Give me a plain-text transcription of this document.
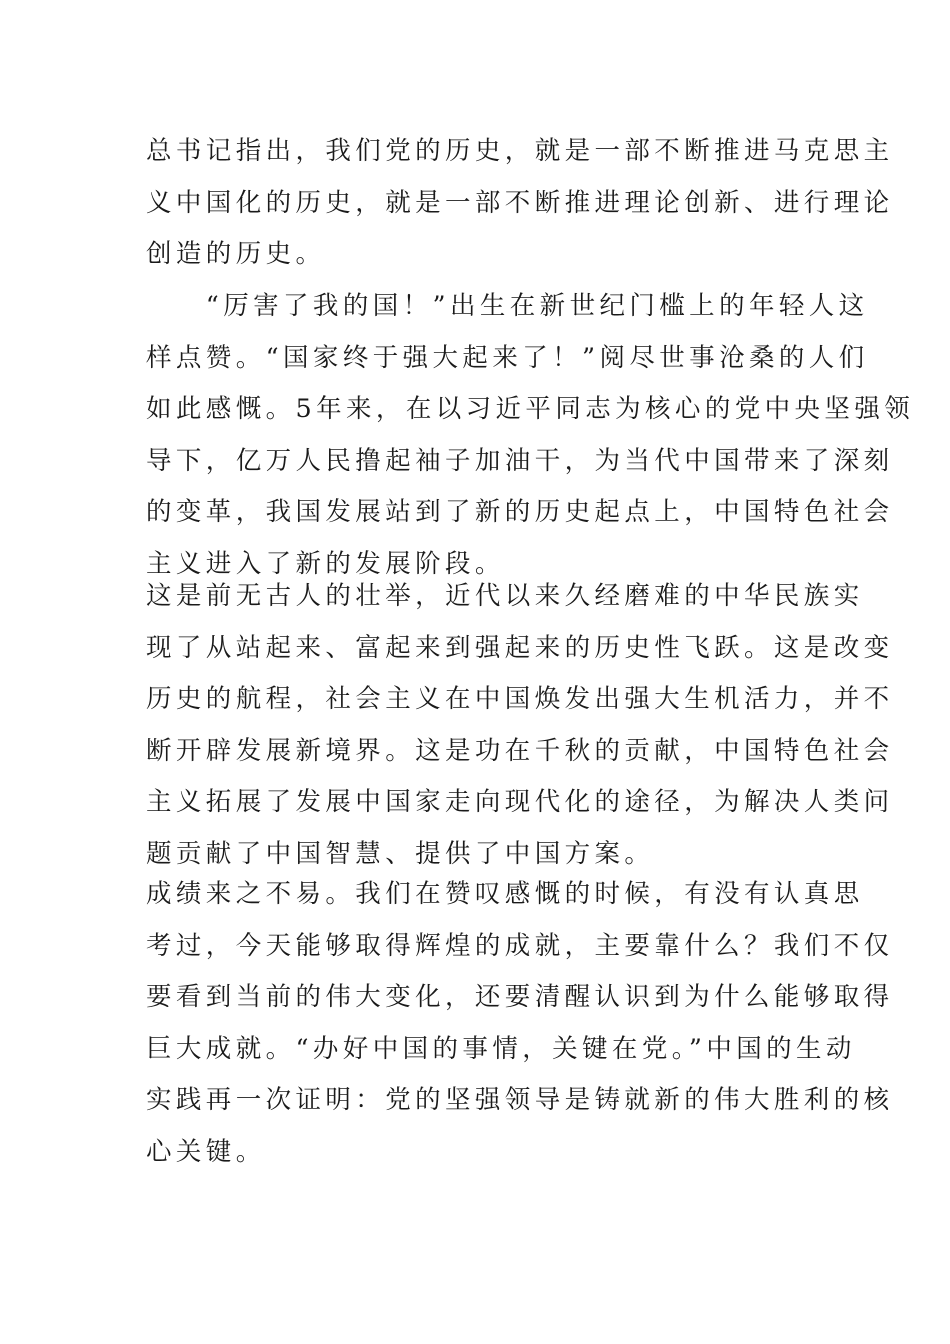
总书记指出，我们党的历史，就是一部不断推进马克思主
义中国化的历史，就是一部不断推进理论创新、进行理论
创造的历史。
　　“厉害了我的国！”出生在新世纪门槛上的年轻人这
样点赞。“国家终于强大起来了！”阅尽世事沧桑的人们
如此感慨。5年来，在以习近平同志为核心的党中央坚强领
导下，亿万人民撸起袖子加油干，为当代中国带来了深刻
的变革，我国发展站到了新的历史起点上，中国特色社会
主义进入了新的发展阶段。
这是前无古人的壮举，近代以来久经磨难的中华民族实
现了从站起来、富起来到强起来的历史性飞跃。这是改变
历史的航程，社会主义在中国焕发出强大生机活力，并不
断开辟发展新境界。这是功在千秋的贡献，中国特色社会
主义拓展了发展中国家走向现代化的途径，为解决人类问
题贡献了中国智慧、提供了中国方案。
成绩来之不易。我们在赞叹感慨的时候，有没有认真思
考过，今天能够取得辉煌的成就，主要靠什么？我们不仅
要看到当前的伟大变化，还要清醒认识到为什么能够取得
巨大成就。“办好中国的事情，关键在党。”中国的生动
实践再一次证明：党的坚强领导是铸就新的伟大胜利的核
心关键。
